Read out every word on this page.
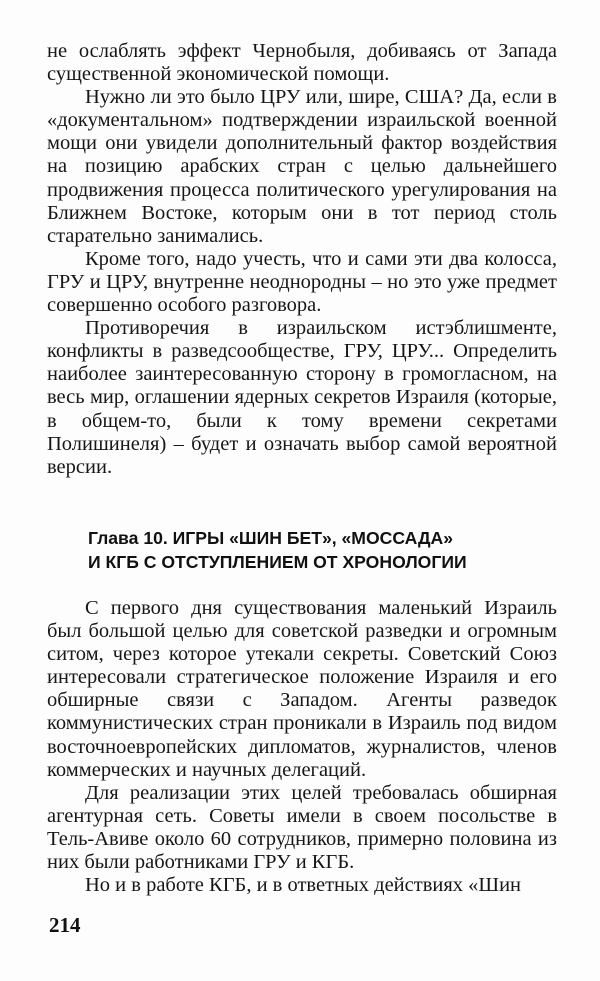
не ослаблять эффект Чернобыля, добиваясь от Запада существенной экономической помощи.

Нужно ли это было ЦРУ или, шире, США? Да, если в «документальном» подтверждении израильской военной мощи они увидели дополнительный фактор воздействия на позицию арабских стран с целью дальнейшего продвижения процесса политического урегулирования на Ближнем Востоке, которым они в тот период столь старательно занимались.

Кроме того, надо учесть, что и сами эти два колосса, ГРУ и ЦРУ, внутренне неоднородны – но это уже предмет совершенно особого разговора.

Противоречия в израильском истэблишменте, конфликты в разведсообществе, ГРУ, ЦРУ... Определить наиболее заинтересованную сторону в громогласном, на весь мир, оглашении ядерных секретов Израиля (которые, в общем-то, были к тому времени секретами Полишинеля) – будет и означать выбор самой вероятной версии.

Глава 10. ИГРЫ «ШИН БЕТ», «МОССАДА»
И КГБ С ОТСТУПЛЕНИЕМ ОТ ХРОНОЛОГИИ

С первого дня существования маленький Израиль был большой целью для советской разведки и огромным ситом, через которое утекали секреты. Советский Союз интересовали стратегическое положение Израиля и его обширные связи с Западом. Агенты разведок коммунистических стран проникали в Израиль под видом восточноевропейских дипломатов, журналистов, членов коммерческих и научных делегаций.

Для реализации этих целей требовалась обширная агентурная сеть. Советы имели в своем посольстве в Тель-Авиве около 60 сотрудников, примерно половина из них были работниками ГРУ и КГБ.

Но и в работе КГБ, и в ответных действиях «Шин

214
